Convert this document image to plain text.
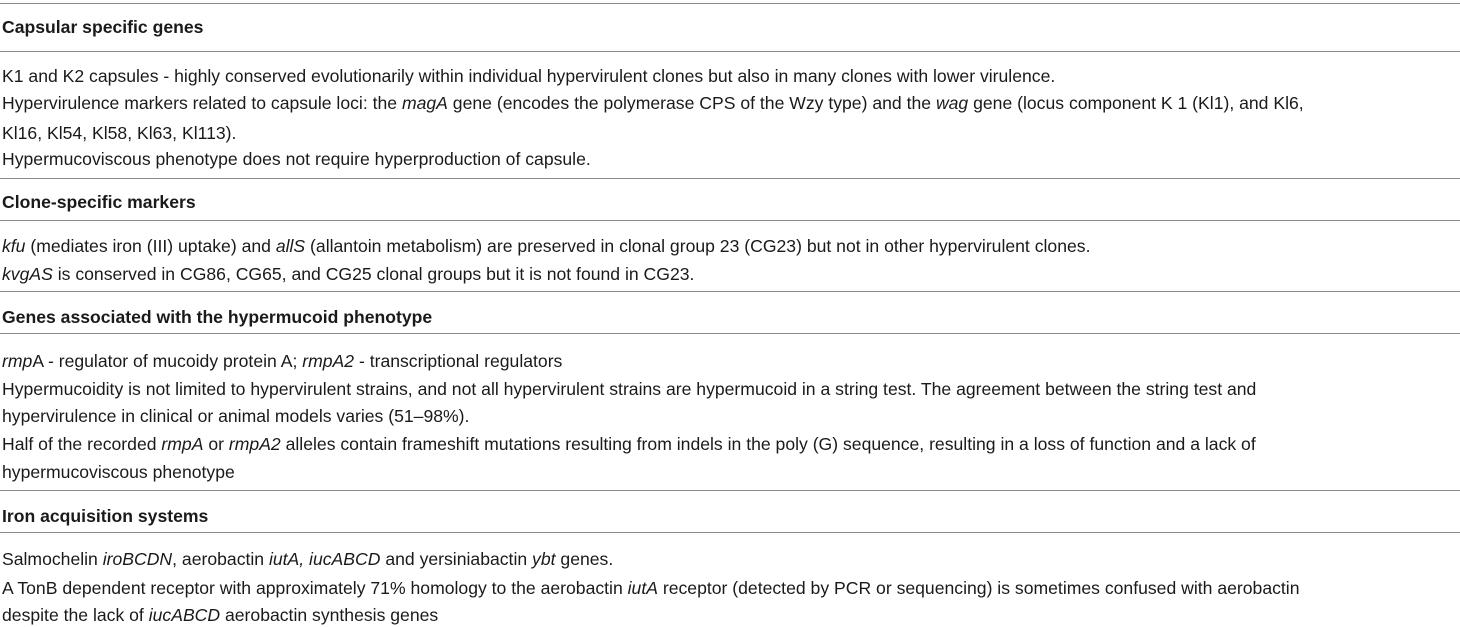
Capsular specific genes
K1 and K2 capsules - highly conserved evolutionarily within individual hypervirulent clones but also in many clones with lower virulence.
Hypervirulence markers related to capsule loci: the magA gene (encodes the polymerase CPS of the Wzy type) and the wag gene (locus component K 1 (Kl1), and Kl6,
Kl16, Kl54, Kl58, Kl63, Kl113).
Hypermucoviscous phenotype does not require hyperproduction of capsule.
Clone-specific markers
kfu (mediates iron (III) uptake) and allS (allantoin metabolism) are preserved in clonal group 23 (CG23) but not in other hypervirulent clones.
kvgAS is conserved in CG86, CG65, and CG25 clonal groups but it is not found in CG23.
Genes associated with the hypermucoid phenotype
rmpA - regulator of mucoidy protein A; rmpA2 - transcriptional regulators
Hypermucoidity is not limited to hypervirulent strains, and not all hypervirulent strains are hypermucoid in a string test. The agreement between the string test and
hypervirulence in clinical or animal models varies (51–98%).
Half of the recorded rmpA or rmpA2 alleles contain frameshift mutations resulting from indels in the poly (G) sequence, resulting in a loss of function and a lack of
hypermucoviscous phenotype
Iron acquisition systems
Salmochelin iroBCDN, aerobactin iutA, iucABCD and yersiniabactin ybt genes.
A TonB dependent receptor with approximately 71% homology to the aerobactin iutA receptor (detected by PCR or sequencing) is sometimes confused with aerobactin
despite the lack of iucABCD aerobactin synthesis genes
